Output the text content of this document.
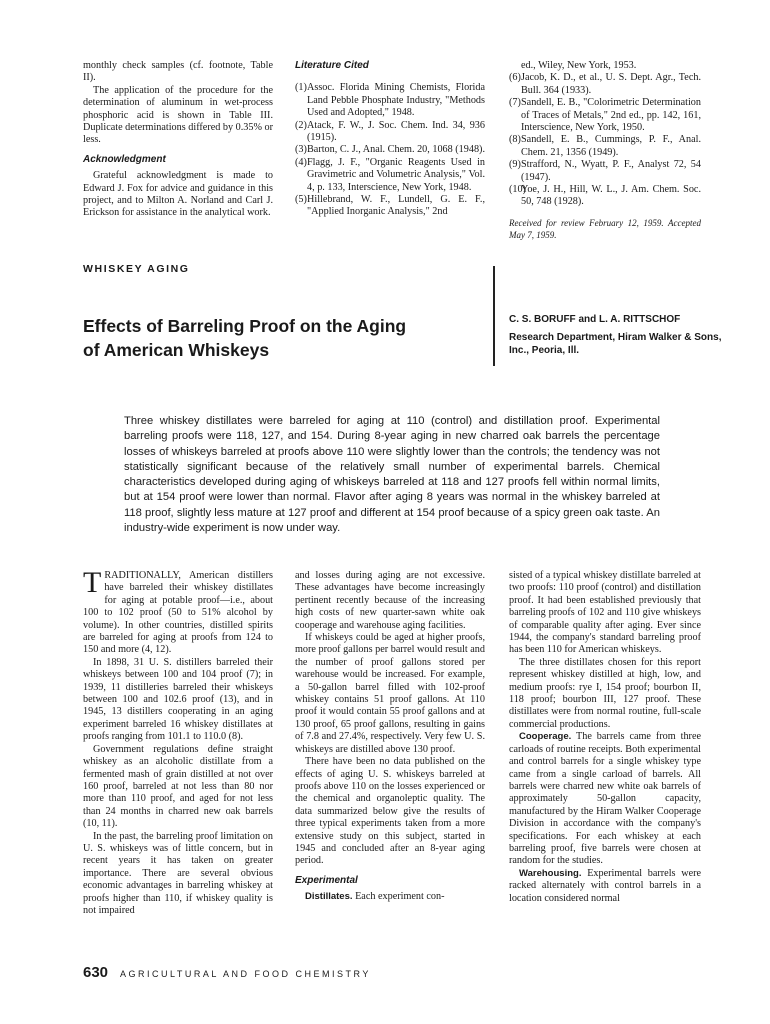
monthly check samples (cf. footnote, Table II).

The application of the procedure for the determination of aluminum in wet-process phosphoric acid is shown in Table III. Duplicate determinations differed by 0.35% or less.

Acknowledgment

Grateful acknowledgment is made to Edward J. Fox for advice and guidance in this project, and to Milton A. Norland and Carl J. Erickson for assistance in the analytical work.

Literature Cited

(1)Assoc. Florida Mining Chemists, Florida Land Pebble Phosphate Industry, "Methods Used and Adopted," 1948.

(2)Atack, F. W., J. Soc. Chem. Ind. 34, 936 (1915).

(3)Barton, C. J., Anal. Chem. 20, 1068 (1948).

(4)Flagg, J. F., "Organic Reagents Used in Gravimetric and Volumetric Analysis," Vol. 4, p. 133, Interscience, New York, 1948.

(5)Hillebrand, W. F., Lundell, G. E. F., "Applied Inorganic Analysis," 2nd

ed., Wiley, New York, 1953.

(6)Jacob, K. D., et al., U. S. Dept. Agr., Tech. Bull. 364 (1933).

(7)Sandell, E. B., "Colorimetric Determination of Traces of Metals," 2nd ed., pp. 142, 161, Interscience, New York, 1950.

(8)Sandell, E. B., Cummings, P. F., Anal. Chem. 21, 1356 (1949).

(9)Strafford, N., Wyatt, P. F., Analyst 72, 54 (1947).

(10)Yoe, J. H., Hill, W. L., J. Am. Chem. Soc. 50, 748 (1928).

Received for review February 12, 1959. Accepted May 7, 1959.

WHISKEY AGING
Effects of Barreling Proof on the Aging of American Whiskeys
C. S. BORUFF and L. A. RITTSCHOF
Research Department, Hiram Walker & Sons, Inc., Peoria, Ill.
Three whiskey distillates were barreled for aging at 110 (control) and distillation proof. Experimental barreling proofs were 118, 127, and 154. During 8-year aging in new charred oak barrels the percentage losses of whiskeys barreled at proofs above 110 were slightly lower than the controls; the tendency was not statistically significant because of the relatively small number of experimental barrels. Chemical characteristics developed during aging of whiskeys barreled at 118 and 127 proofs fell within normal limits, but at 154 proof were lower than normal. Flavor after aging 8 years was normal in the whiskey barreled at 118 proof, slightly less mature at 127 proof and different at 154 proof because of a spicy green oak taste. An industry-wide experiment is now under way.

TRADITIONALLY, American distillers have barreled their whiskey distillates for aging at potable proof—i.e., about 100 to 102 proof (50 to 51% alcohol by volume). In other countries, distilled spirits are barreled for aging at proofs from 124 to 150 and more (4, 12).

In 1898, 31 U. S. distillers barreled their whiskeys between 100 and 104 proof (7); in 1939, 11 distilleries barreled their whiskeys between 100 and 102.6 proof (13), and in 1945, 13 distillers cooperating in an aging experiment barreled 16 whiskey distillates at proofs ranging from 101.1 to 110.0 (8).

Government regulations define straight whiskey as an alcoholic distillate from a fermented mash of grain distilled at not over 160 proof, barreled at not less than 80 nor more than 110 proof, and aged for not less than 24 months in charred new oak barrels (10, 11).

In the past, the barreling proof limitation on U. S. whiskeys was of little concern, but in recent years it has taken on greater importance. There are several obvious economic advantages in barreling whiskey at proofs higher than 110, if whiskey quality is not impaired

and losses during aging are not excessive. These advantages have become increasingly pertinent recently because of the increasing high costs of new quarter-sawn white oak cooperage and warehouse aging facilities.

If whiskeys could be aged at higher proofs, more proof gallons per barrel would result and the number of proof gallons stored per warehouse would be increased. For example, a 50-gallon barrel filled with 102-proof whiskey contains 51 proof gallons. At 110 proof it would contain 55 proof gallons and at 130 proof, 65 proof gallons, resulting in gains of 7.8 and 27.4%, respectively. Very few U. S. whiskeys are distilled above 130 proof.

There have been no data published on the effects of aging U. S. whiskeys barreled at proofs above 110 on the losses experienced or the chemical and organoleptic quality. The data summarized below give the results of three typical experiments taken from a more extensive study on this subject, started in 1945 and concluded after an 8-year aging period.

Experimental

Distillates. Each experiment con-

sisted of a typical whiskey distillate barreled at two proofs: 110 proof (control) and distillation proof. It had been established previously that barreling proofs of 102 and 110 give whiskeys of comparable quality after aging. Ever since 1944, the company's standard barreling proof has been 110 for American whiskeys.

The three distillates chosen for this report represent whiskey distilled at high, low, and medium proofs: rye I, 154 proof; bourbon II, 118 proof; bourbon III, 127 proof. These distillates were from normal routine, full-scale commercial productions.

Cooperage. The barrels came from three carloads of routine receipts. Both experimental and control barrels for a single whiskey type came from a single carload of barrels. All barrels were charred new white oak barrels of approximately 50-gallon capacity, manufactured by the Hiram Walker Cooperage Division in accordance with the company's specifications. For each whiskey at each barreling proof, five barrels were chosen at random for the studies.

Warehousing. Experimental barrels were racked alternately with control barrels in a location considered normal

630 AGRICULTURAL AND FOOD CHEMISTRY
